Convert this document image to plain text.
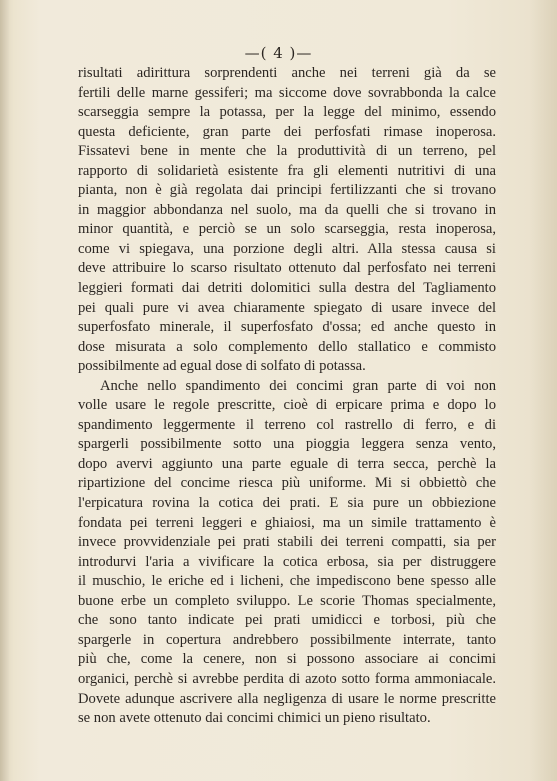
—( 4 )—
risultati adirittura sorprendenti anche nei terreni già da se
fertili delle marne gessiferi; ma siccome dove sovrabbonda la calce
scarseggia sempre la potassa, per la legge del minimo, essendo
questa deficiente, gran parte dei perfosfati rimase inoperosa.
Fissatevi bene in mente che la produttività di un terreno, pel
rapporto di solidarietà esistente fra gli elementi nutritivi di una
pianta, non è già regolata dai principi fertilizzanti che si trovano
in maggior abbondanza nel suolo, ma da quelli che si trovano in
minor quantità, e perciò se un solo scarseggia, resta inoperosa,
come vi spiegava, una porzione degli altri. Alla stessa causa si
deve attribuire lo scarso risultato ottenuto dal perfosfato nei terreni
leggieri formati dai detriti dolomitici sulla destra del Tagliamento
pei quali pure vi avea chiaramente spiegato di usare invece del
superfosfato minerale, il superfosfato d'ossa; ed anche questo in
dose misurata a solo complemento dello stallatico e commisto
possibilmente ad egual dose di solfato di potassa.
Anche nello spandimento dei concimi gran parte di voi non
volle usare le regole prescritte, cioè di erpicare prima e dopo lo
spandimento leggermente il terreno col rastrello di ferro, e di
spargerli possibilmente sotto una pioggia leggera senza vento,
dopo avervi aggiunto una parte eguale di terra secca, perchè la
ripartizione del concime riesca più uniforme. Mi si obbiettò che
l'erpicatura rovina la cotica dei prati. E sia pure un obbiezione
fondata pei terreni leggeri e ghiaiosi, ma un simile trattamento è
invece provvidenziale pei prati stabili dei terreni compatti, sia per
introdurvi l'aria a vivificare la cotica erbosa, sia per distruggere
il muschio, le eriche ed i licheni, che impediscono bene spesso alle
buone erbe un completo sviluppo. Le scorie Thomas specialmente,
che sono tanto indicate pei prati umidicci e torbosi, più che
spargerle in copertura andrebbero possibilmente interrate, tanto
più che, come la cenere, non si possono associare ai concimi
organici, perchè si avrebbe perdita di azoto sotto forma ammoniacale.
Dovete adunque ascrivere alla negligenza di usare le norme prescritte
se non avete ottenuto dai concimi chimici un pieno risultato.
